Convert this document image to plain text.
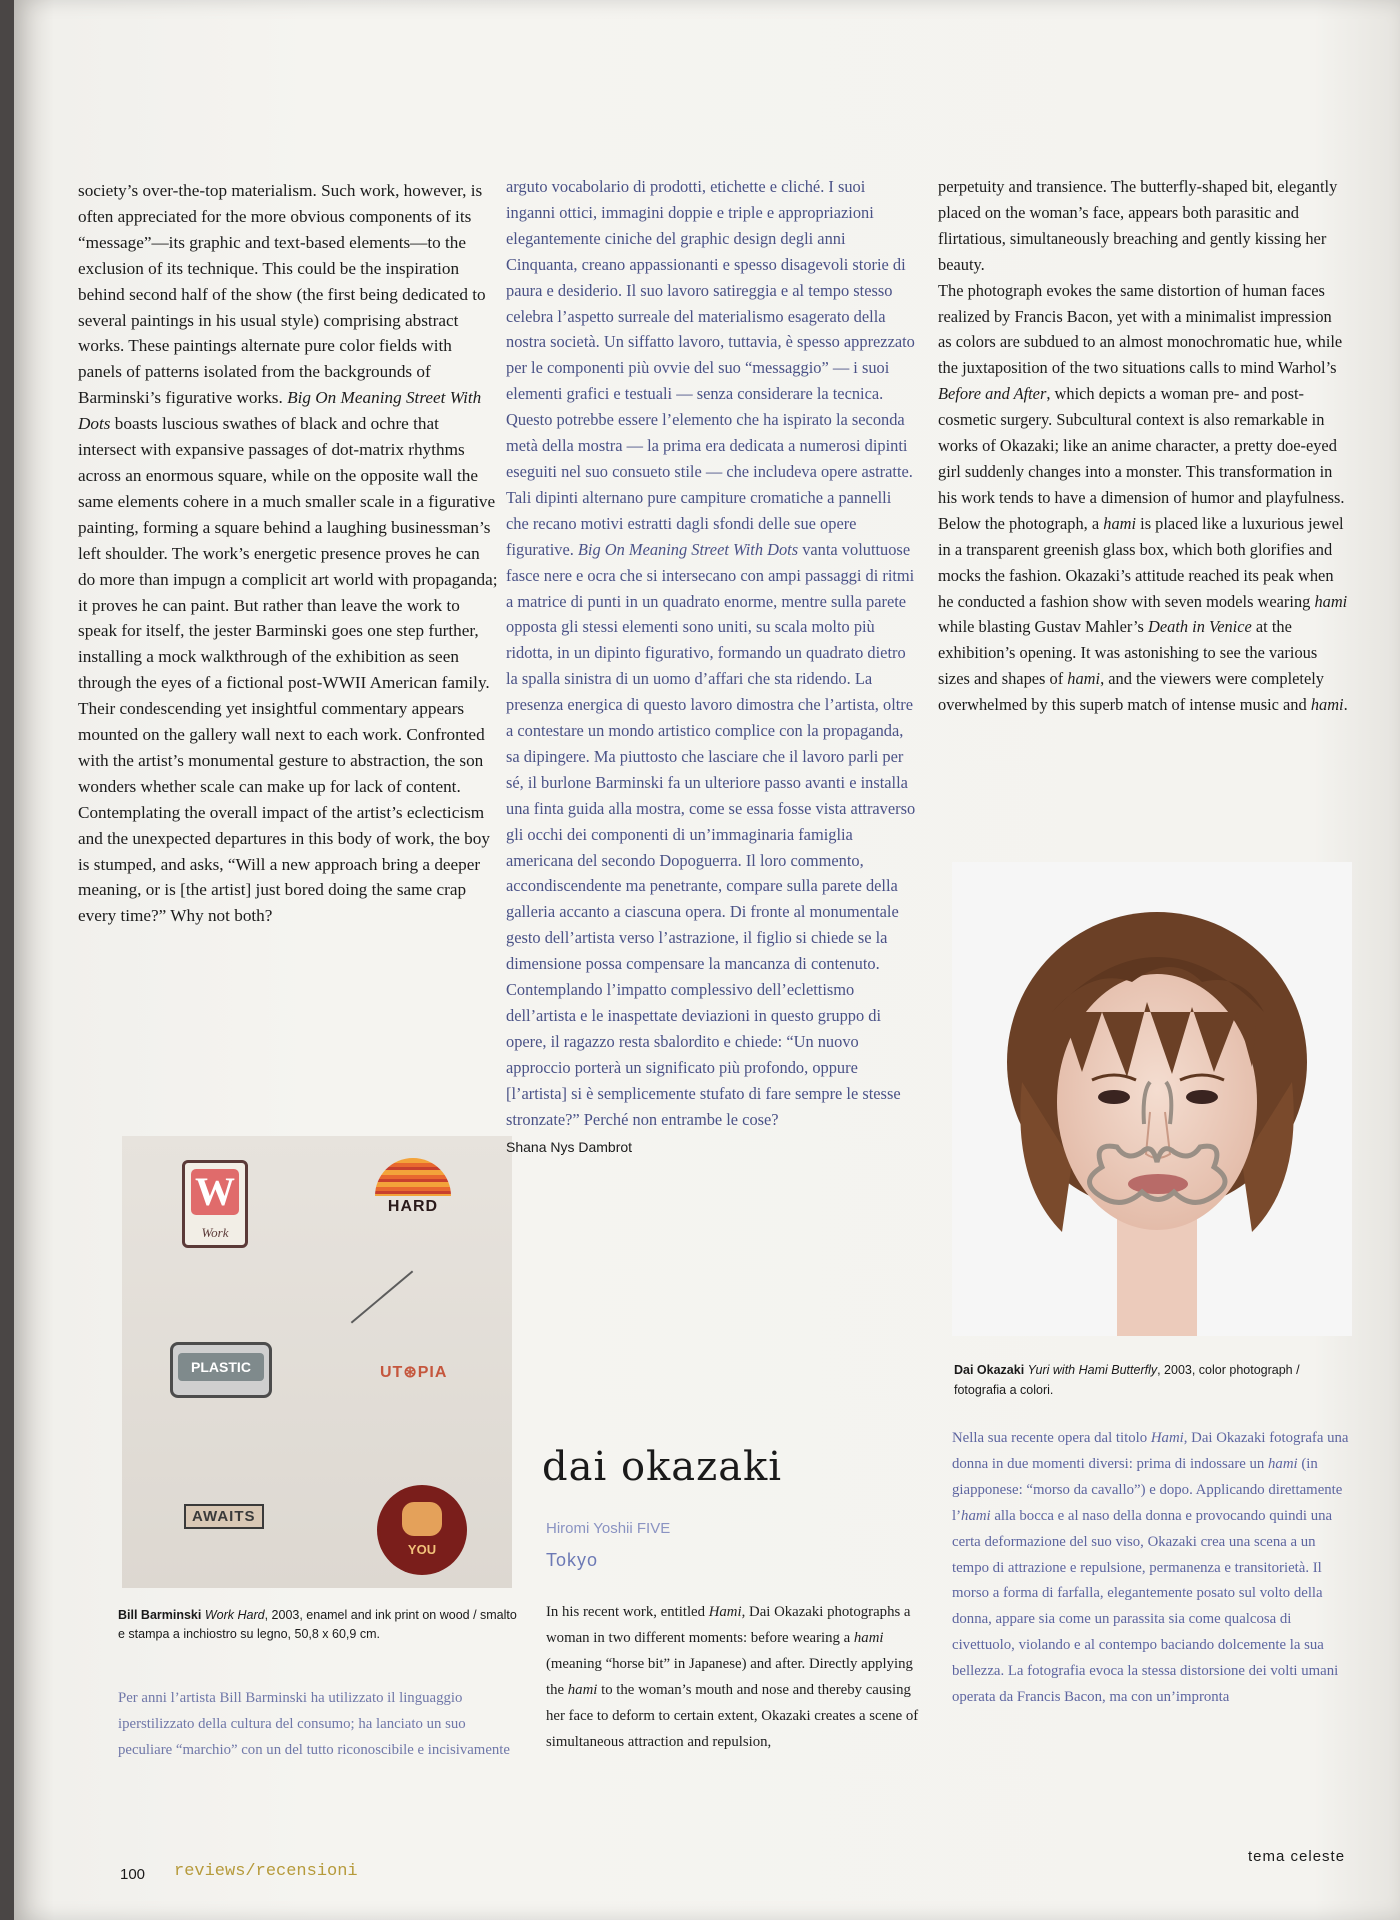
society’s over-the-top materialism. Such work, however, is often appreciated for the more obvious components of its “message”—its graphic and text-based elements—to the exclusion of its technique. This could be the inspiration behind second half of the show (the first being dedicated to several paintings in his usual style) comprising abstract works. These paintings alternate pure color fields with panels of patterns isolated from the backgrounds of Barminski’s figurative works. Big On Meaning Street With Dots boasts luscious swathes of black and ochre that intersect with expansive passages of dot-matrix rhythms across an enormous square, while on the opposite wall the same elements cohere in a much smaller scale in a figurative painting, forming a square behind a laughing businessman’s left shoulder. The work’s energetic presence proves he can do more than impugn a complicit art world with propaganda; it proves he can paint. But rather than leave the work to speak for itself, the jester Barminski goes one step further, installing a mock walkthrough of the exhibition as seen through the eyes of a fictional post-WWII American family. Their condescending yet insightful commentary appears mounted on the gallery wall next to each work. Confronted with the artist’s monumental gesture to abstraction, the son wonders whether scale can make up for lack of content. Contemplating the overall impact of the artist’s eclecticism and the unexpected departures in this body of work, the boy is stumped, and asks, “Will a new approach bring a deeper meaning, or is [the artist] just bored doing the same crap every time?” Why not both?

W
Work
HARD
PLASTIC	UT⊛PIA
AWAITS
YOU
Bill Barminski Work Hard, 2003, enamel and ink print on wood / smalto e stampa a inchiostro su legno, 50,8 x 60,9 cm.

Per anni l’artista Bill Barminski ha utilizzato il linguaggio iperstilizzato della cultura del consumo; ha lanciato un suo peculiare “marchio” con un del tutto riconoscibile e incisivamente

arguto vocabolario di prodotti, etichette e cliché. I suoi inganni ottici, immagini doppie e triple e appropriazioni elegantemente ciniche del graphic design degli anni Cinquanta, creano appassionanti e spesso disagevoli storie di paura e desiderio. Il suo lavoro satireggia e al tempo stesso celebra l’aspetto surreale del materialismo esagerato della nostra società. Un siffatto lavoro, tuttavia, è spesso apprezzato per le componenti più ovvie del suo “messaggio” — i suoi elementi grafici e testuali — senza considerare la tecnica. Questo potrebbe essere l’elemento che ha ispirato la seconda metà della mostra — la prima era dedicata a numerosi dipinti eseguiti nel suo consueto stile — che includeva opere astratte. Tali dipinti alternano pure campiture cromatiche a pannelli che recano motivi estratti dagli sfondi delle sue opere figurative. Big On Meaning Street With Dots vanta voluttuose fasce nere e ocra che si intersecano con ampi passaggi di ritmi a matrice di punti in un quadrato enorme, mentre sulla parete opposta gli stessi elementi sono uniti, su scala molto più ridotta, in un dipinto figurativo, formando un quadrato dietro la spalla sinistra di un uomo d’affari che sta ridendo. La presenza energica di questo lavoro dimostra che l’artista, oltre a contestare un mondo artistico complice con la propaganda, sa dipingere. Ma piuttosto che lasciare che il lavoro parli per sé, il burlone Barminski fa un ulteriore passo avanti e installa una finta guida alla mostra, come se essa fosse vista attraverso gli occhi dei componenti di un’immaginaria famiglia americana del secondo Dopoguerra. Il loro commento, accondiscendente ma penetrante, compare sulla parete della galleria accanto a ciascuna opera. Di fronte al monumentale gesto dell’artista verso l’astrazione, il figlio si chiede se la dimensione possa compensare la mancanza di contenuto. Contemplando l’impatto complessivo dell’eclettismo dell’artista e le inaspettate deviazioni in questo gruppo di opere, il ragazzo resta sbalordito e chiede: “Un nuovo approccio porterà un significato più profondo, oppure [l’artista] si è semplicemente stufato di fare sempre le stesse stronzate?” Perché non entrambe le cose?

Shana Nys Dambrot
dai okazaki

Hiromi Yoshii FIVE

Tokyo

In his recent work, entitled Hami, Dai Okazaki photographs a woman in two different moments: before wearing a hami (meaning “horse bit” in Japanese) and after. Directly applying the hami to the woman’s mouth and nose and thereby causing her face to deform to certain extent, Okazaki creates a scene of simultaneous attraction and repulsion,

perpetuity and transience. The butterfly-shaped bit, elegantly placed on the woman’s face, appears both parasitic and flirtatious, simultaneously breaching and gently kissing her beauty.
The photograph evokes the same distortion of human faces realized by Francis Bacon, yet with a minimalist impression as colors are subdued to an almost monochromatic hue, while the juxtaposition of the two situations calls to mind Warhol’s Before and After, which depicts a woman pre- and post-cosmetic surgery. Subcultural context is also remarkable in works of Okazaki; like an anime character, a pretty doe-eyed girl suddenly changes into a monster. This transformation in his work tends to have a dimension of humor and playfulness. Below the photograph, a hami is placed like a luxurious jewel in a transparent greenish glass box, which both glorifies and mocks the fashion. Okazaki’s attitude reached its peak when he conducted a fashion show with seven models wearing hami while blasting Gustav Mahler’s Death in Venice at the exhibition’s opening. It was astonishing to see the various sizes and shapes of hami, and the viewers were completely overwhelmed by this superb match of intense music and hami.

Dai Okazaki Yuri with Hami Butterfly, 2003, color photograph / fotografia a colori.

Nella sua recente opera dal titolo Hami, Dai Okazaki fotografa una donna in due momenti diversi: prima di indossare un hami (in giapponese: “morso da cavallo”) e dopo. Applicando direttamente l’hami alla bocca e al naso della donna e provocando quindi una certa deformazione del suo viso, Okazaki crea una scena a un tempo di attrazione e repulsione, permanenza e transitorietà. Il morso a forma di farfalla, elegantemente posato sul volto della donna, appare sia come un parassita sia come qualcosa di civettuolo, violando e al contempo baciando dolcemente la sua bellezza. La fotografia evoca la stessa distorsione dei volti umani operata da Francis Bacon, ma con un’impronta

100 reviews/recensioni
tema celeste
